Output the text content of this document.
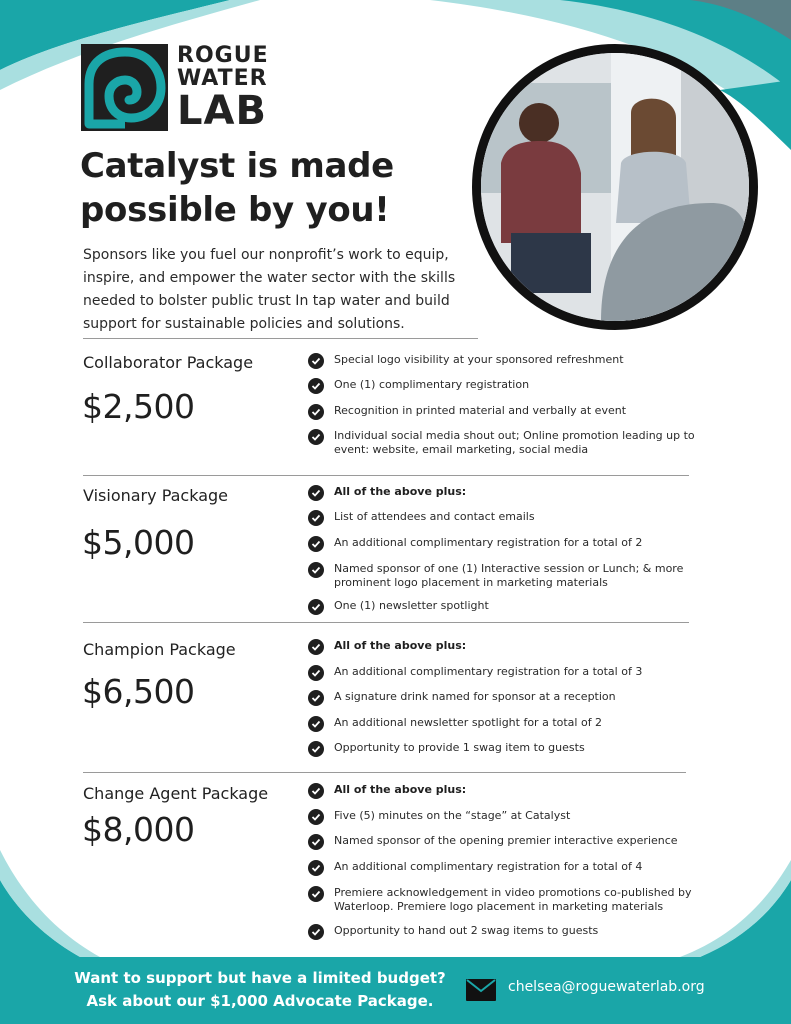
ROGUE
WATER
LAB
Catalyst is made possible by you!

Sponsors like you fuel our nonprofit’s work to equip, inspire, and empower the water sector with the skills needed to bolster public trust In tap water and build support for sustainable policies and solutions.

Collaborator Package
$2,500
Special logo visibility at your sponsored refreshment
One (1) complimentary registration
Recognition in printed material and verbally at event
Individual social media shout out; Online promotion leading up to event: website, email marketing, social media
Visionary Package
$5,000
All of the above plus:
List of attendees and contact emails
An additional complimentary registration for a total of 2
Named sponsor of one (1) Interactive session or Lunch; & more prominent logo placement in marketing materials
One (1) newsletter spotlight
Champion Package
$6,500
All of the above plus:
An additional complimentary registration for a total of 3
A signature drink named for sponsor at a reception
An additional newsletter spotlight for a total of 2
Opportunity to provide 1 swag item to guests
Change Agent Package
$8,000
All of the above plus:
Five (5) minutes on the “stage” at Catalyst
Named sponsor of the opening premier interactive experience
An additional complimentary registration for a total of 4
Premiere acknowledgement in video promotions co-published by Waterloop. Premiere logo placement in marketing materials
Opportunity to hand out 2 swag items to guests
Want to support but have a limited budget?
Ask about our $1,000 Advocate Package.
chelsea@roguewaterlab.org
